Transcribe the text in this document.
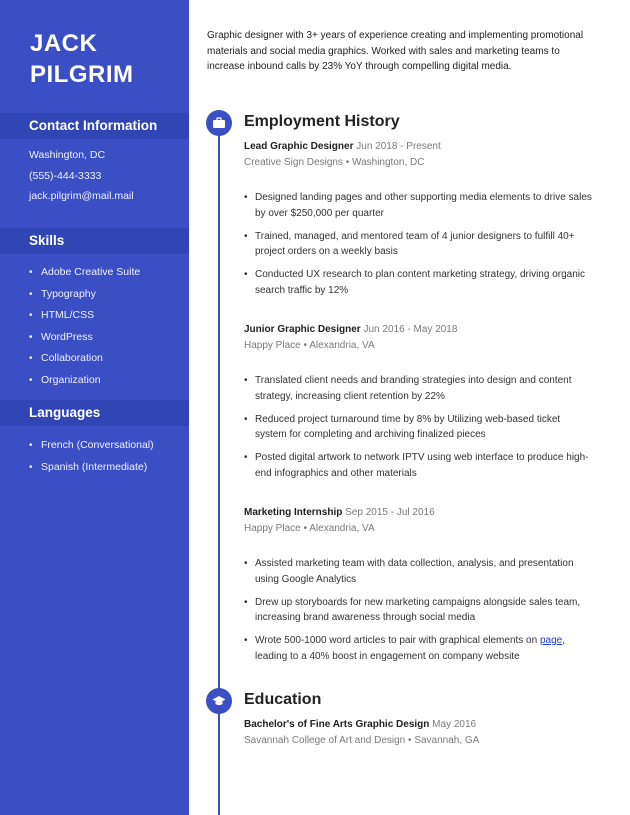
JACK
PILGRIM
Contact Information
Washington, DC
(555)-444-3333
jack.pilgrim@mail.mail
Skills
• Adobe Creative Suite
• Typography
• HTML/CSS
• WordPress
• Collaboration
• Organization
Languages
• French (Conversational)
• Spanish (Intermediate)
Graphic designer with 3+ years of experience creating and implementing promotional materials and social media graphics. Worked with sales and marketing teams to increase inbound calls by 23% YoY through compelling digital media.
Employment History
Lead Graphic Designer Jun 2018 - Present
Creative Sign Designs • Washington, DC
• Designed landing pages and other supporting media elements to drive sales by over $250,000 per quarter
• Trained, managed, and mentored team of 4 junior designers to fulfill 40+ project orders on a weekly basis
• Conducted UX research to plan content marketing strategy, driving organic search traffic by 12%
Junior Graphic Designer Jun 2016 - May 2018
Happy Place • Alexandria, VA
• Translated client needs and branding strategies into design and content strategy, increasing client retention by 22%
• Reduced project turnaround time by 8% by Utilizing web-based ticket system for completing and archiving finalized pieces
• Posted digital artwork to network IPTV using web interface to produce high-end infographics and other materials
Marketing Internship Sep 2015 - Jul 2016
Happy Place • Alexandria, VA
• Assisted marketing team with data collection, analysis, and presentation using Google Analytics
• Drew up storyboards for new marketing campaigns alongside sales team, increasing brand awareness through social media
• Wrote 500-1000 word articles to pair with graphical elements on page, leading to a 40% boost in engagement on company website
Education
Bachelor's of Fine Arts Graphic Design May 2016
Savannah College of Art and Design • Savannah, GA
